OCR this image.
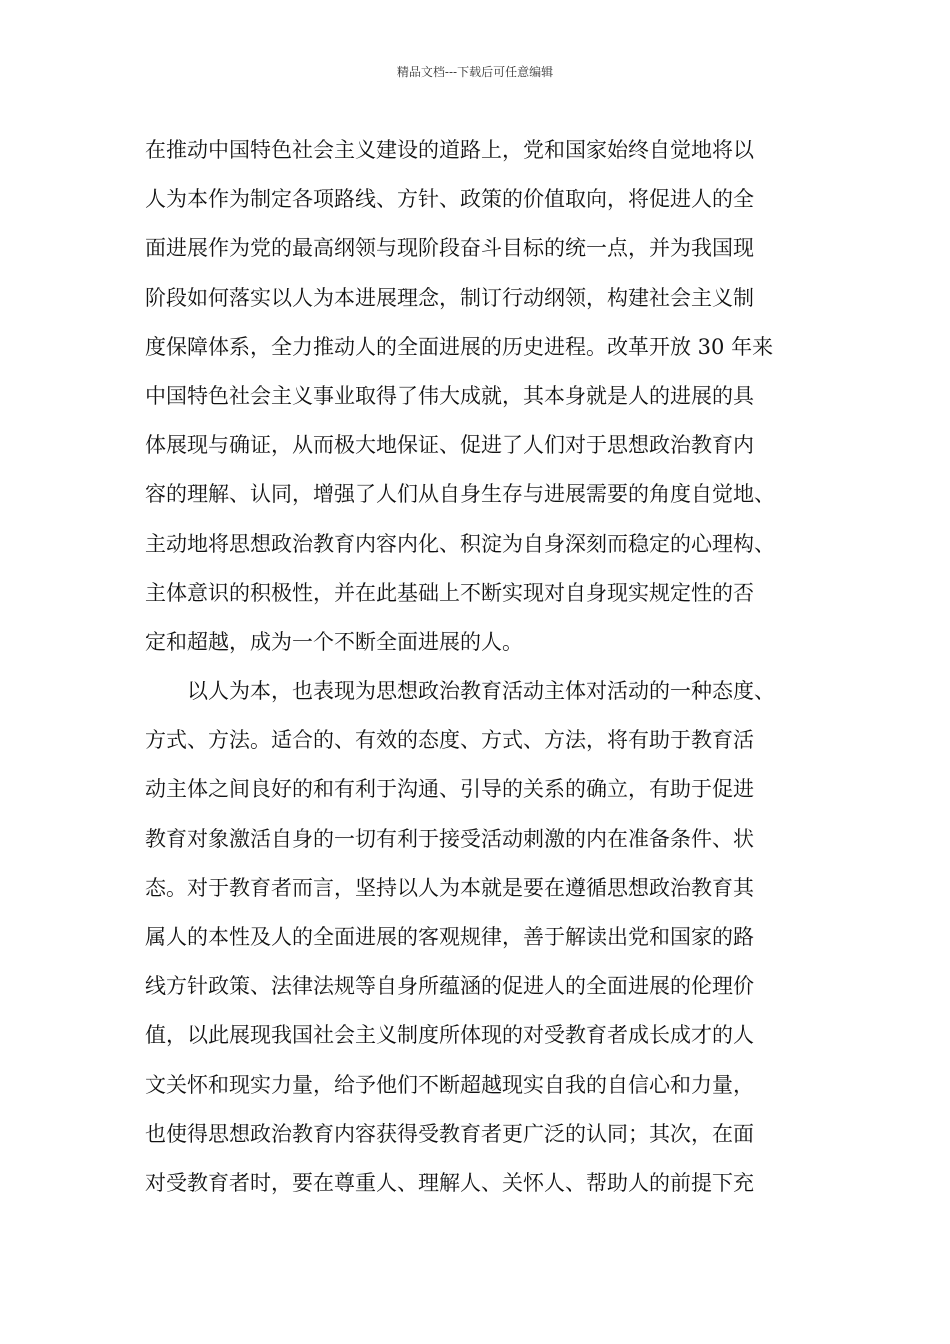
精品文档---下载后可任意编辑
在推动中国特色社会主义建设的道路上，党和国家始终自觉地将以
人为本作为制定各项路线、方针、政策的价值取向，将促进人的全
面进展作为党的最高纲领与现阶段奋斗目标的统一点，并为我国现
阶段如何落实以人为本进展理念，制订行动纲领，构建社会主义制
度保障体系，全力推动人的全面进展的历史进程。改革开放 30 年来
中国特色社会主义事业取得了伟大成就，其本身就是人的进展的具
体展现与确证，从而极大地保证、促进了人们对于思想政治教育内
容的理解、认同，增强了人们从自身生存与进展需要的角度自觉地、
主动地将思想政治教育内容内化、积淀为自身深刻而稳定的心理构、
主体意识的积极性，并在此基础上不断实现对自身现实规定性的否
定和超越，成为一个不断全面进展的人。
　　以人为本，也表现为思想政治教育活动主体对活动的一种态度、
方式、方法。适合的、有效的态度、方式、方法，将有助于教育活
动主体之间良好的和有利于沟通、引导的关系的确立，有助于促进
教育对象激活自身的一切有利于接受活动刺激的内在准备条件、状
态。对于教育者而言，坚持以人为本就是要在遵循思想政治教育其
属人的本性及人的全面进展的客观规律，善于解读出党和国家的路
线方针政策、法律法规等自身所蕴涵的促进人的全面进展的伦理价
值，以此展现我国社会主义制度所体现的对受教育者成长成才的人
文关怀和现实力量，给予他们不断超越现实自我的自信心和力量，
也使得思想政治教育内容获得受教育者更广泛的认同；其次，在面
对受教育者时，要在尊重人、理解人、关怀人、帮助人的前提下充
